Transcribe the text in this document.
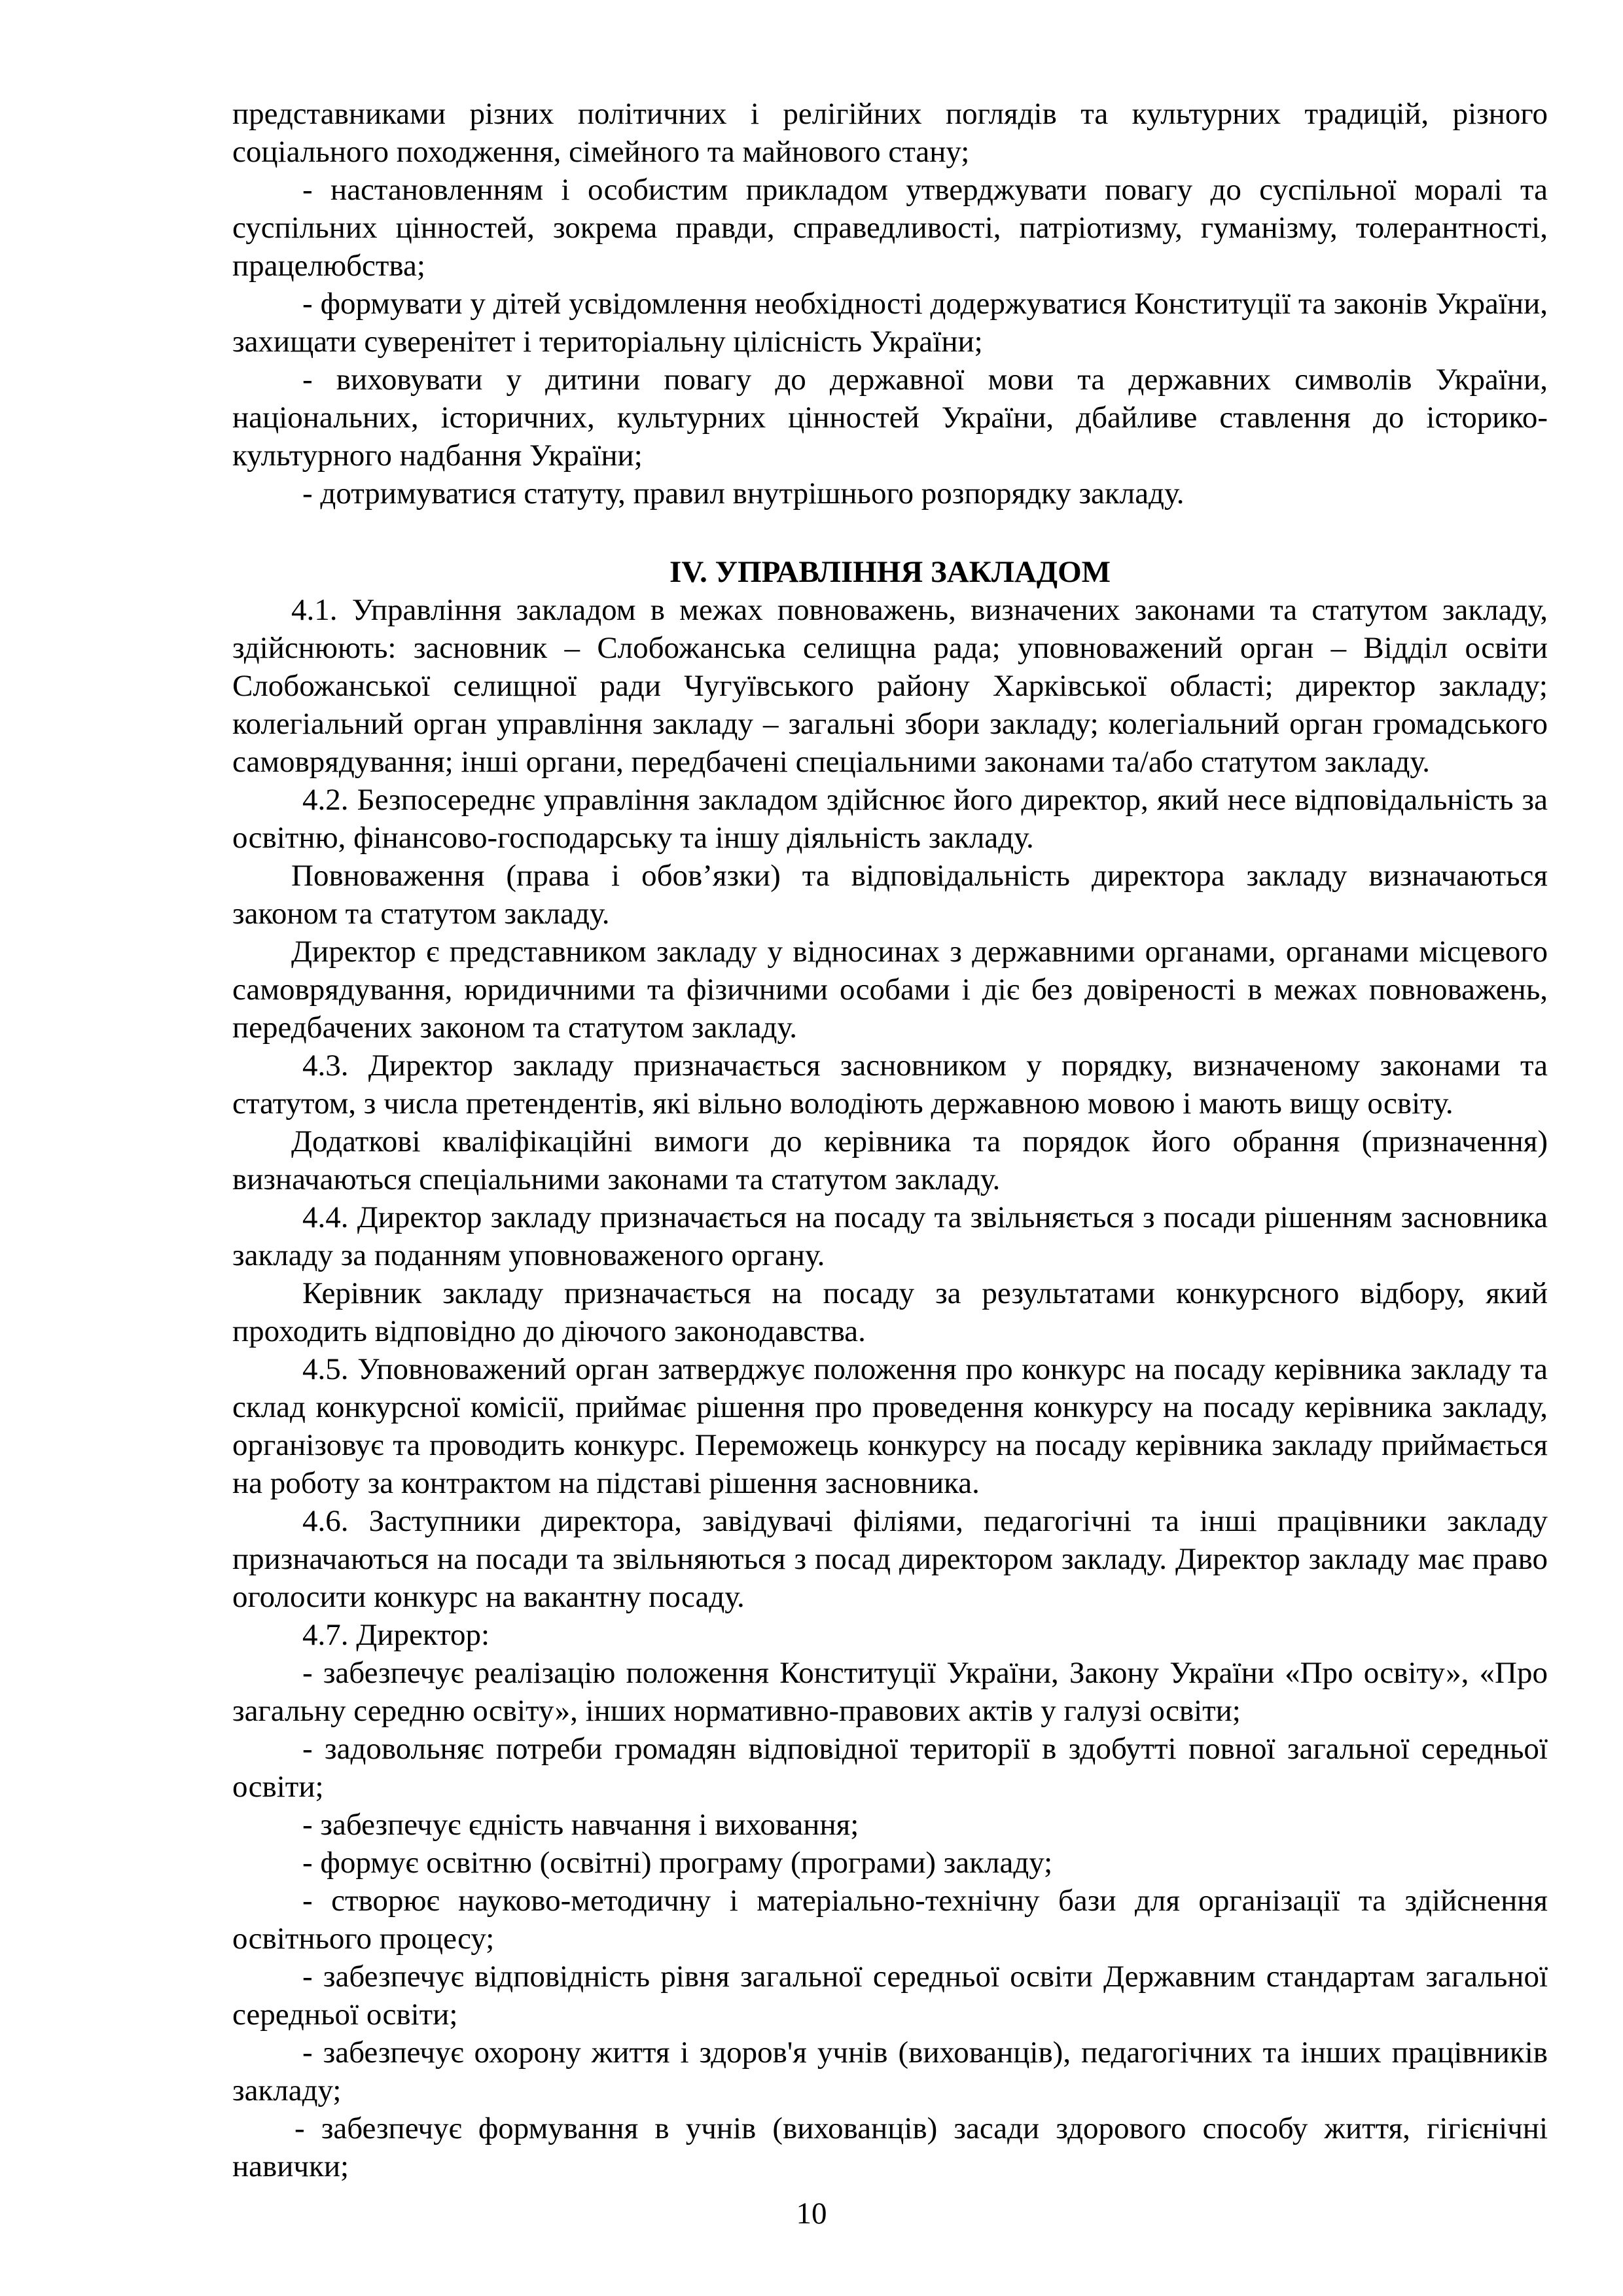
представниками різних політичних і релігійних поглядів та культурних традицій, різного соціального походження, сімейного та майнового стану;

- настановленням і особистим прикладом утверджувати повагу до суспільної моралі та суспільних цінностей, зокрема правди, справедливості, патріотизму, гуманізму, толерантності, працелюбства;

- формувати у дітей усвідомлення необхідності додержуватися Конституції та законів України, захищати суверенітет і територіальну цілісність України;

- виховувати у дитини повагу до державної мови та державних символів України, національних, історичних, культурних цінностей України, дбайливе ставлення до історико-культурного надбання України;

- дотримуватися статуту, правил внутрішнього розпорядку закладу.

IV. УПРАВЛІННЯ ЗАКЛАДОМ

4.1. Управління закладом в межах повноважень, визначених законами та статутом закладу, здійснюють: засновник – Слобожанська селищна рада; уповноважений орган – Відділ освіти Слобожанської селищної ради Чугуївського району Харківської області; директор закладу; колегіальний орган управління закладу – загальні збори закладу; колегіальний орган громадського самоврядування; інші органи, передбачені спеціальними законами та/або статутом закладу.

4.2. Безпосереднє управління закладом здійснює його директор, який несе відповідальність за освітню, фінансово-господарську та іншу діяльність закладу.

Повноваження (права і обов’язки) та відповідальність директора закладу визначаються законом та статутом закладу.

Директор є представником закладу у відносинах з державними органами, органами місцевого самоврядування, юридичними та фізичними особами і діє без довіреності в межах повноважень, передбачених законом та статутом закладу.

4.3. Директор закладу призначається засновником у порядку, визначеному законами та статутом, з числа претендентів, які вільно володіють державною мовою і мають вищу освіту.

Додаткові кваліфікаційні вимоги до керівника та порядок його обрання (призначення) визначаються спеціальними законами та статутом закладу.

4.4. Директор закладу призначається на посаду та звільняється з посади рішенням засновника закладу за поданням уповноваженого органу.

Керівник закладу призначається на посаду за результатами конкурсного відбору, який проходить відповідно до діючого законодавства.

4.5. Уповноважений орган затверджує положення про конкурс на посаду керівника закладу та склад конкурсної комісії, приймає рішення про проведення конкурсу на посаду керівника закладу, організовує та проводить конкурс. Переможець конкурсу на посаду керівника закладу приймається на роботу за контрактом на підставі рішення засновника.

4.6. Заступники директора, завідувачі філіями, педагогічні та інші працівники закладу призначаються на посади та звільняються з посад директором закладу. Директор закладу має право оголосити конкурс на вакантну посаду.

4.7. Директор:

- забезпечує реалізацію положення Конституції України, Закону України «Про освіту», «Про загальну середню освіту», інших нормативно-правових актів у галузі освіти;

- задовольняє потреби громадян відповідної території в здобутті повної загальної середньої освіти;

- забезпечує єдність навчання і виховання;

- формує освітню (освітні) програму (програми) закладу;

- створює науково-методичну і матеріально-технічну бази для організації та здійснення освітнього процесу;

- забезпечує відповідність рівня загальної середньої освіти Державним стандартам загальної середньої освіти;

- забезпечує охорону життя і здоров'я учнів (вихованців), педагогічних та інших працівників закладу;

- забезпечує формування в учнів (вихованців) засади здорового способу життя, гігієнічні навички;

10
